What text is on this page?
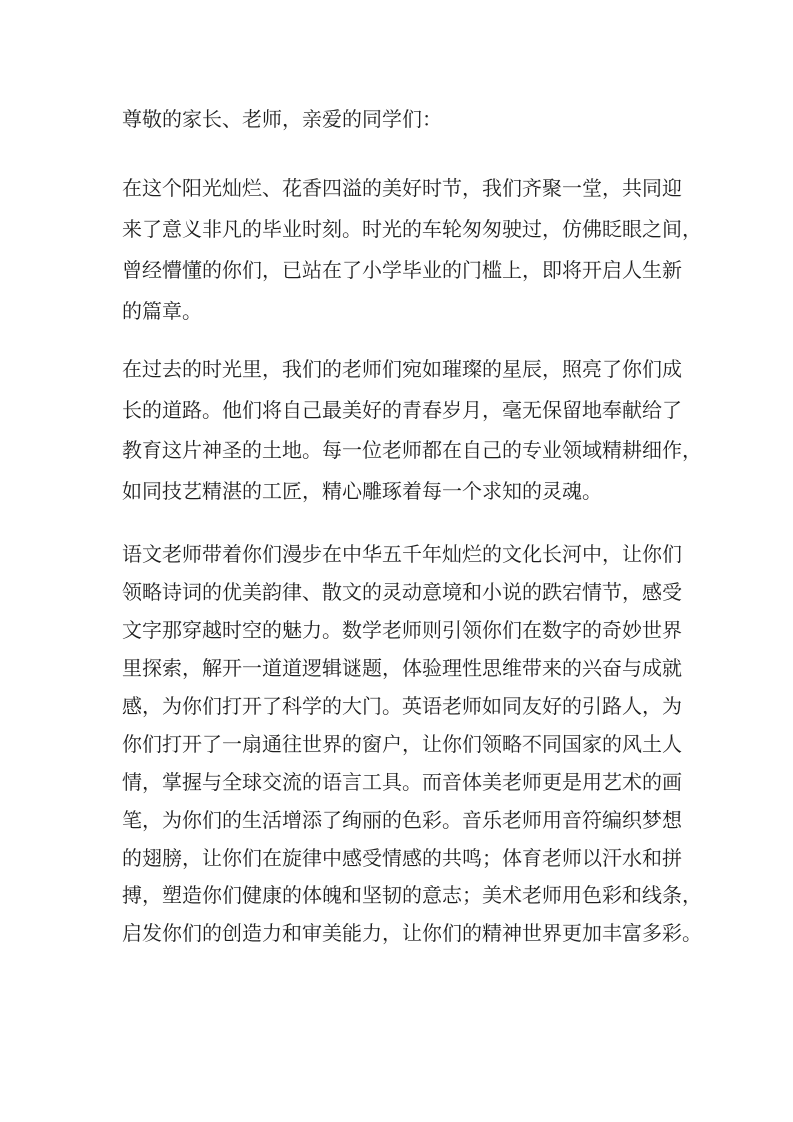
尊敬的家长、老师，亲爱的同学们：
在这个阳光灿烂、花香四溢的美好时节，我们齐聚一堂，共同迎
来了意义非凡的毕业时刻。时光的车轮匆匆驶过，仿佛眨眼之间，
曾经懵懂的你们，已站在了小学毕业的门槛上，即将开启人生新
的篇章。
在过去的时光里，我们的老师们宛如璀璨的星辰，照亮了你们成
长的道路。他们将自己最美好的青春岁月，毫无保留地奉献给了
教育这片神圣的土地。每一位老师都在自己的专业领域精耕细作，
如同技艺精湛的工匠，精心雕琢着每一个求知的灵魂。
语文老师带着你们漫步在中华五千年灿烂的文化长河中，让你们
领略诗词的优美韵律、散文的灵动意境和小说的跌宕情节，感受
文字那穿越时空的魅力。数学老师则引领你们在数字的奇妙世界
里探索，解开一道道逻辑谜题，体验理性思维带来的兴奋与成就
感，为你们打开了科学的大门。英语老师如同友好的引路人，为
你们打开了一扇通往世界的窗户，让你们领略不同国家的风土人
情，掌握与全球交流的语言工具。而音体美老师更是用艺术的画
笔，为你们的生活增添了绚丽的色彩。音乐老师用音符编织梦想
的翅膀，让你们在旋律中感受情感的共鸣；体育老师以汗水和拼
搏，塑造你们健康的体魄和坚韧的意志；美术老师用色彩和线条，
启发你们的创造力和审美能力，让你们的精神世界更加丰富多彩。
